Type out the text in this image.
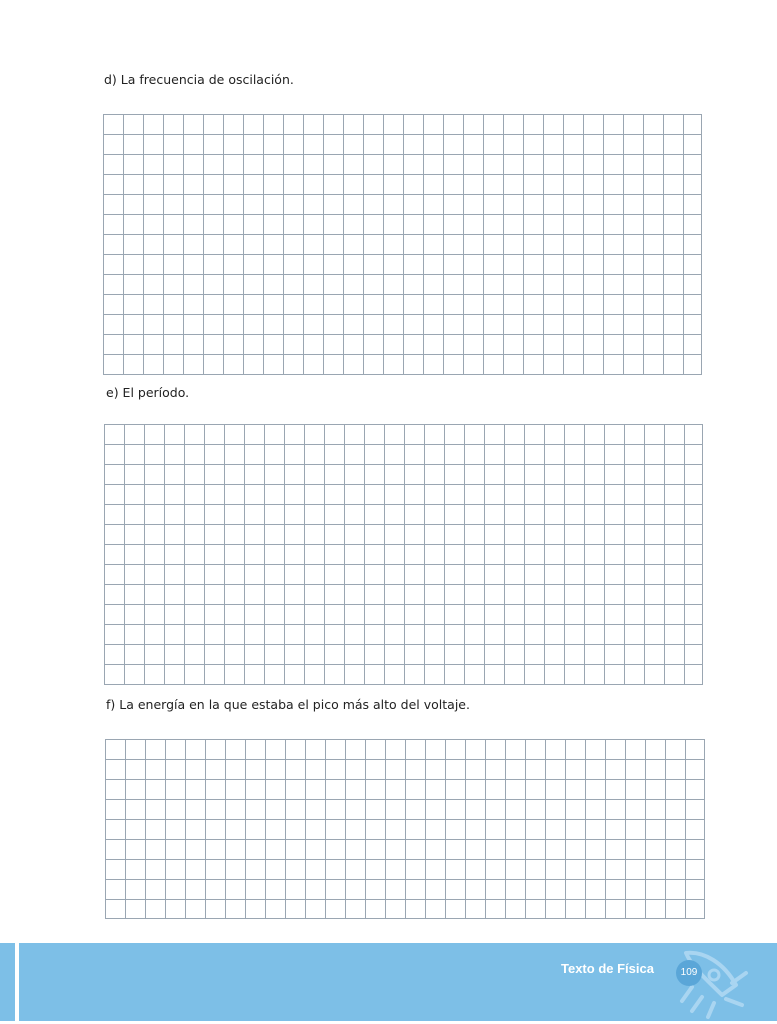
d) La frecuencia de oscilación.
e) El período.
f) La energía en la que estaba el pico más alto del voltaje.
Texto de Física	109
